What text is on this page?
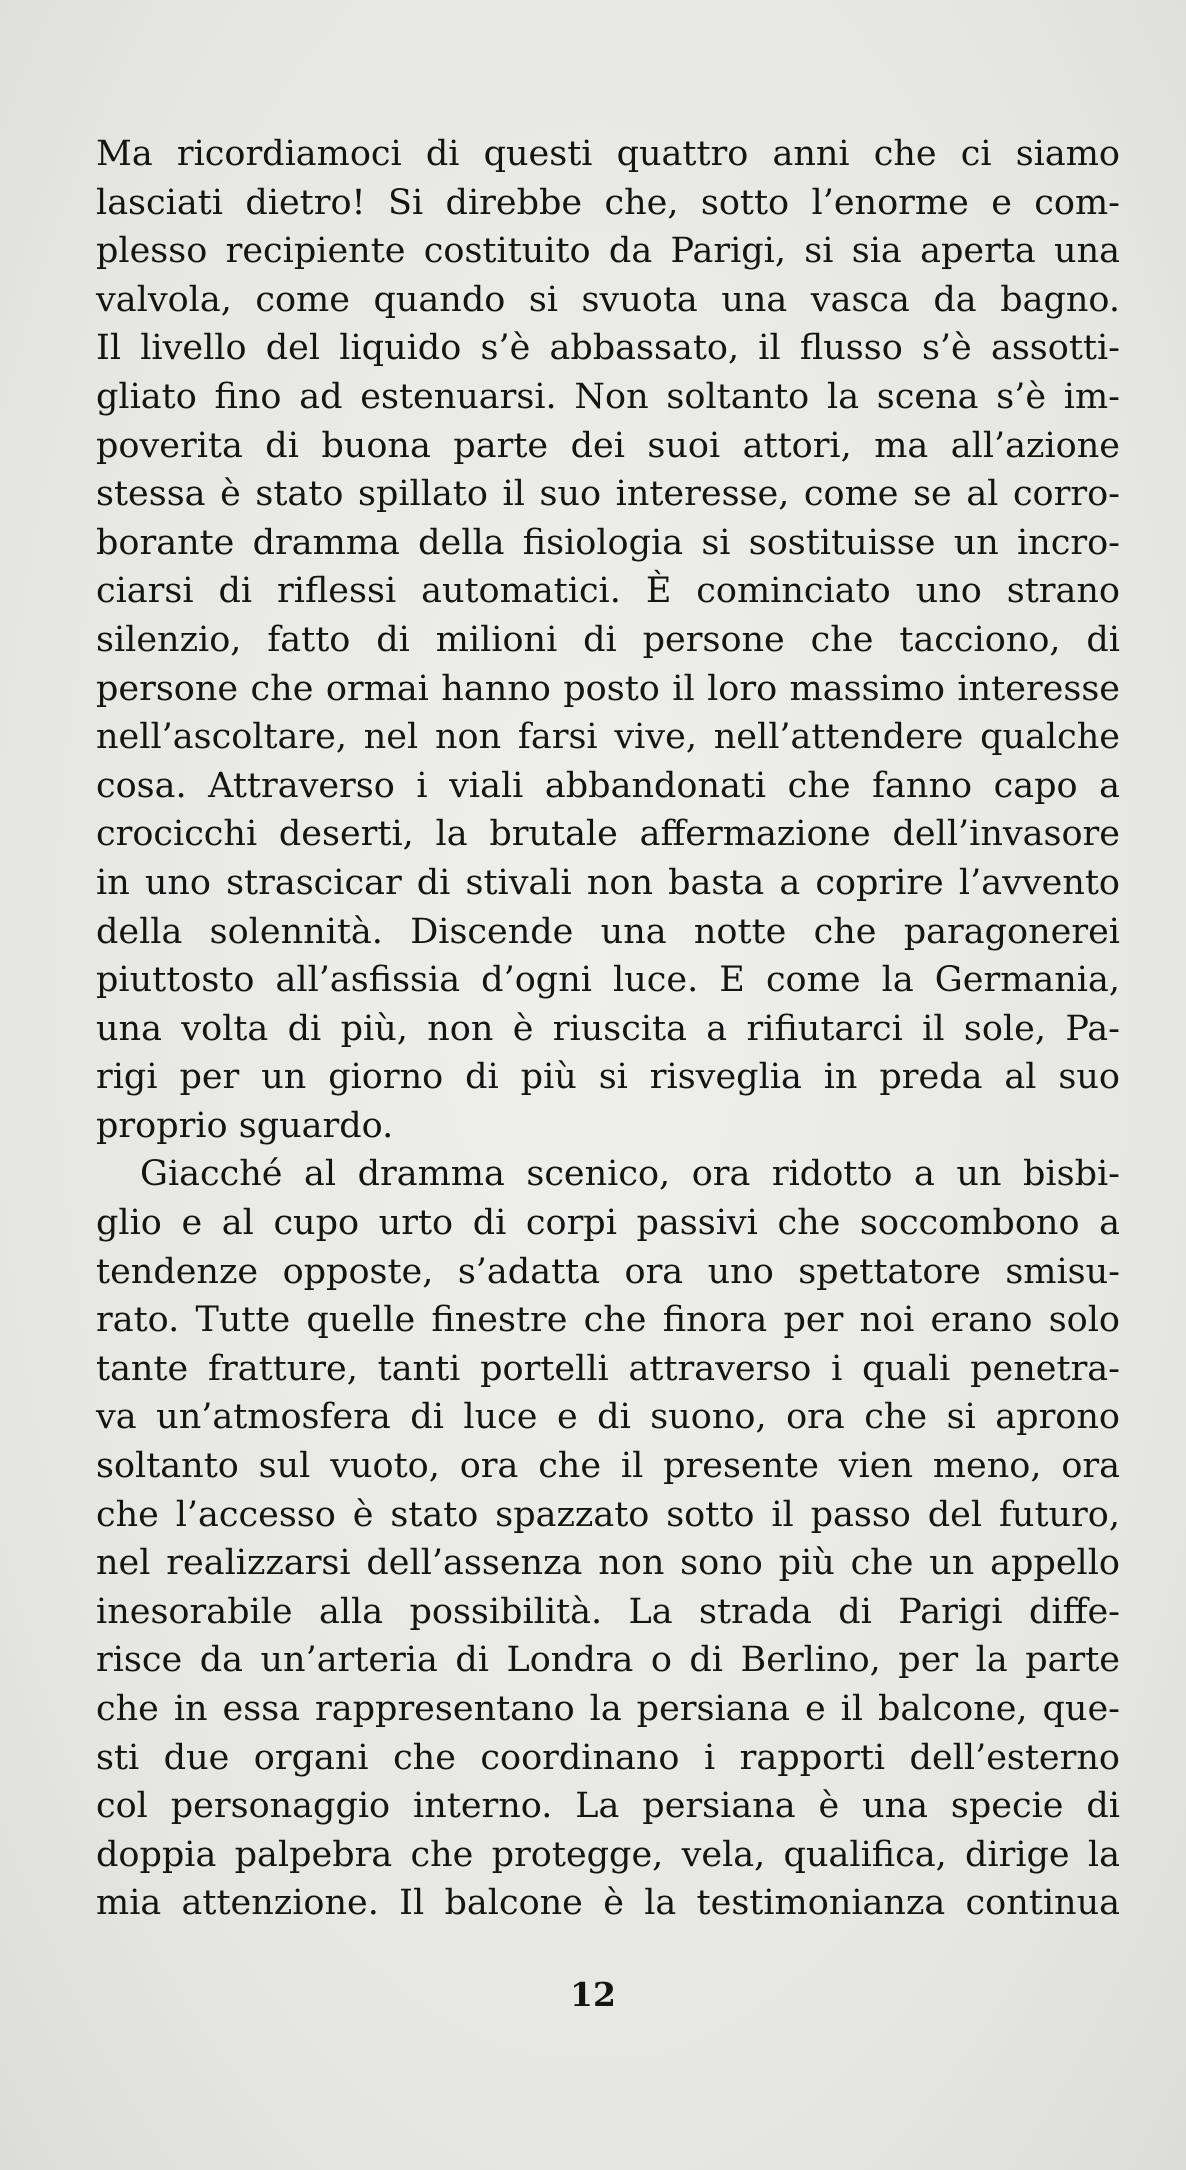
Ma ricordiamoci di questi quattro anni che ci siamo
lasciati dietro! Si direbbe che, sotto l’enorme e com-
plesso recipiente costituito da Parigi, si sia aperta una
valvola, come quando si svuota una vasca da bagno.
Il livello del liquido s’è abbassato, il flusso s’è assotti-
gliato fino ad estenuarsi. Non soltanto la scena s’è im-
poverita di buona parte dei suoi attori, ma all’azione
stessa è stato spillato il suo interesse, come se al corro-
borante dramma della fisiologia si sostituisse un incro-
ciarsi di riflessi automatici. È cominciato uno strano
silenzio, fatto di milioni di persone che tacciono, di
persone che ormai hanno posto il loro massimo interesse
nell’ascoltare, nel non farsi vive, nell’attendere qualche
cosa. Attraverso i viali abbandonati che fanno capo a
crocicchi deserti, la brutale affermazione dell’invasore
in uno strascicar di stivali non basta a coprire l’avvento
della solennità. Discende una notte che paragonerei
piuttosto all’asfissia d’ogni luce. E come la Germania,
una volta di più, non è riuscita a rifiutarci il sole, Pa-
rigi per un giorno di più si risveglia in preda al suo
proprio sguardo.
Giacché al dramma scenico, ora ridotto a un bisbi-
glio e al cupo urto di corpi passivi che soccombono a
tendenze opposte, s’adatta ora uno spettatore smisu-
rato. Tutte quelle finestre che finora per noi erano solo
tante fratture, tanti portelli attraverso i quali penetra-
va un’atmosfera di luce e di suono, ora che si aprono
soltanto sul vuoto, ora che il presente vien meno, ora
che l’accesso è stato spazzato sotto il passo del futuro,
nel realizzarsi dell’assenza non sono più che un appello
inesorabile alla possibilità. La strada di Parigi diffe-
risce da un’arteria di Londra o di Berlino, per la parte
che in essa rappresentano la persiana e il balcone, que-
sti due organi che coordinano i rapporti dell’esterno
col personaggio interno. La persiana è una specie di
doppia palpebra che protegge, vela, qualifica, dirige la
mia attenzione. Il balcone è la testimonianza continua
12
